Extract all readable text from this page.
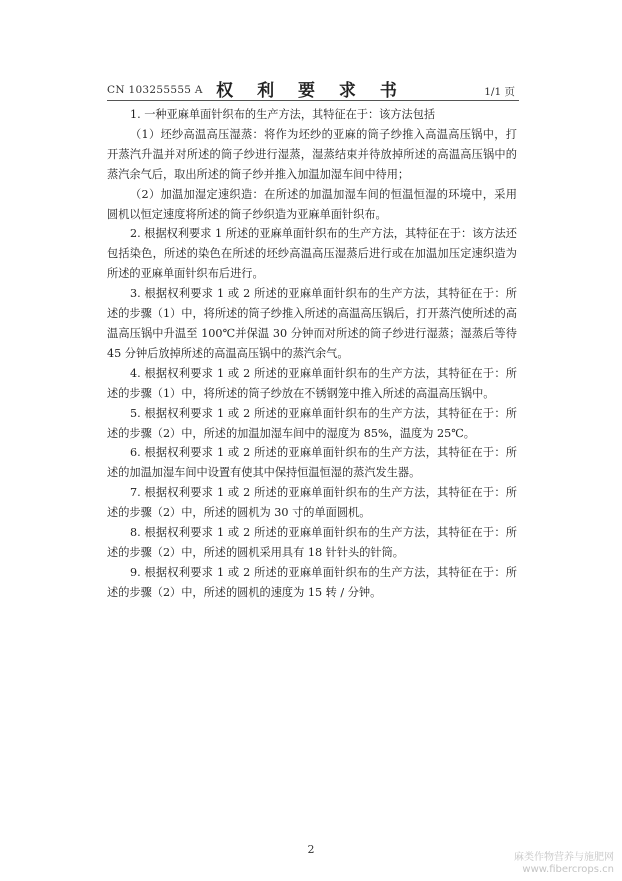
CN 103255555 A 权 利 要 求 书	1/1 页

1. 一种亚麻单面针织布的生产方法，其特征在于：该方法包括

（1）坯纱高温高压湿蒸：将作为坯纱的亚麻的筒子纱推入高温高压锅中，打开蒸汽升温并对所述的筒子纱进行湿蒸，湿蒸结束并待放掉所述的高温高压锅中的蒸汽余气后，取出所述的筒子纱并推入加温加湿车间中待用；

（2）加温加湿定速织造：在所述的加温加湿车间的恒温恒湿的环境中，采用圆机以恒定速度将所述的筒子纱织造为亚麻单面针织布。

2. 根据权利要求 1 所述的亚麻单面针织布的生产方法，其特征在于：该方法还包括染色，所述的染色在所述的坯纱高温高压湿蒸后进行或在加温加压定速织造为所述的亚麻单面针织布后进行。

3. 根据权利要求 1 或 2 所述的亚麻单面针织布的生产方法，其特征在于：所述的步骤（1）中，将所述的筒子纱推入所述的高温高压锅后，打开蒸汽使所述的高温高压锅中升温至 100℃并保温 30 分钟而对所述的筒子纱进行湿蒸；湿蒸后等待 45 分钟后放掉所述的高温高压锅中的蒸汽余气。

4. 根据权利要求 1 或 2 所述的亚麻单面针织布的生产方法，其特征在于：所述的步骤（1）中，将所述的筒子纱放在不锈钢笼中推入所述的高温高压锅中。

5. 根据权利要求 1 或 2 所述的亚麻单面针织布的生产方法，其特征在于：所述的步骤（2）中，所述的加温加湿车间中的湿度为 85%，温度为 25℃。

6. 根据权利要求 1 或 2 所述的亚麻单面针织布的生产方法，其特征在于：所述的加温加湿车间中设置有使其中保持恒温恒湿的蒸汽发生器。

7. 根据权利要求 1 或 2 所述的亚麻单面针织布的生产方法，其特征在于：所述的步骤（2）中，所述的圆机为 30 寸的单面圆机。

8. 根据权利要求 1 或 2 所述的亚麻单面针织布的生产方法，其特征在于：所述的步骤（2）中，所述的圆机采用具有 18 针针头的针筒。

9. 根据权利要求 1 或 2 所述的亚麻单面针织布的生产方法，其特征在于：所述的步骤（2）中，所述的圆机的速度为 15 转 / 分钟。

2
麻类作物营养与施肥网
www.fibercrops.cn
